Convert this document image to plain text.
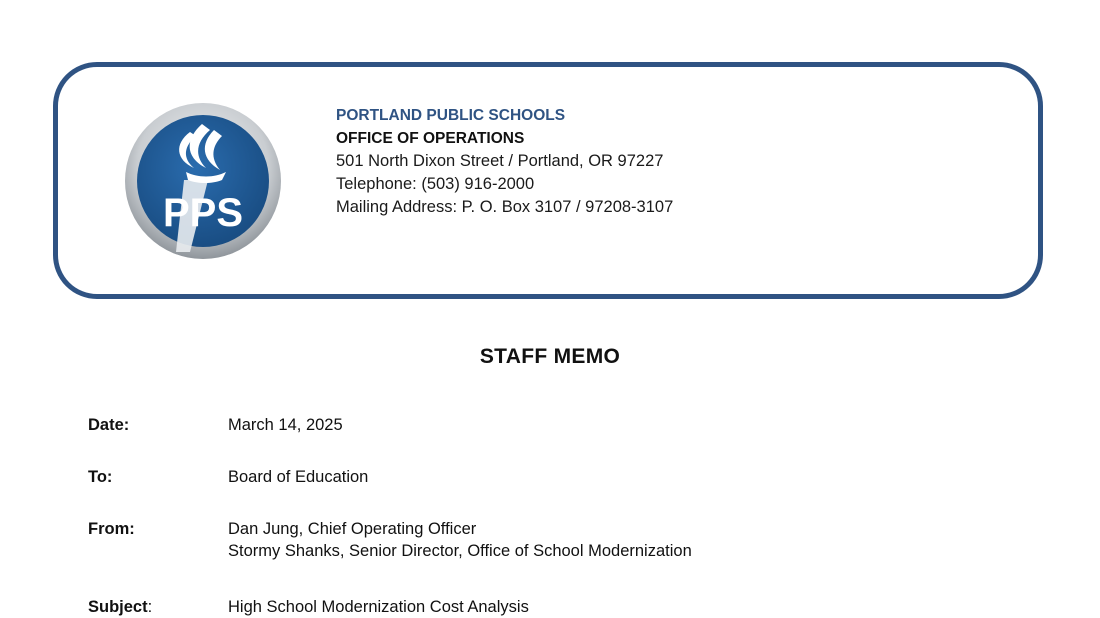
PPS
PORTLAND PUBLIC SCHOOLS
OFFICE OF OPERATIONS
501 North Dixon Street / Portland, OR 97227
Telephone: (503) 916-2000
Mailing Address: P. O. Box 3107 / 97208-3107
STAFF MEMO
Date:	March 14, 2025
To:	Board of Education
From:	Dan Jung, Chief Operating Officer
Stormy Shanks, Senior Director, Office of School Modernization
Subject:	High School Modernization Cost Analysis
